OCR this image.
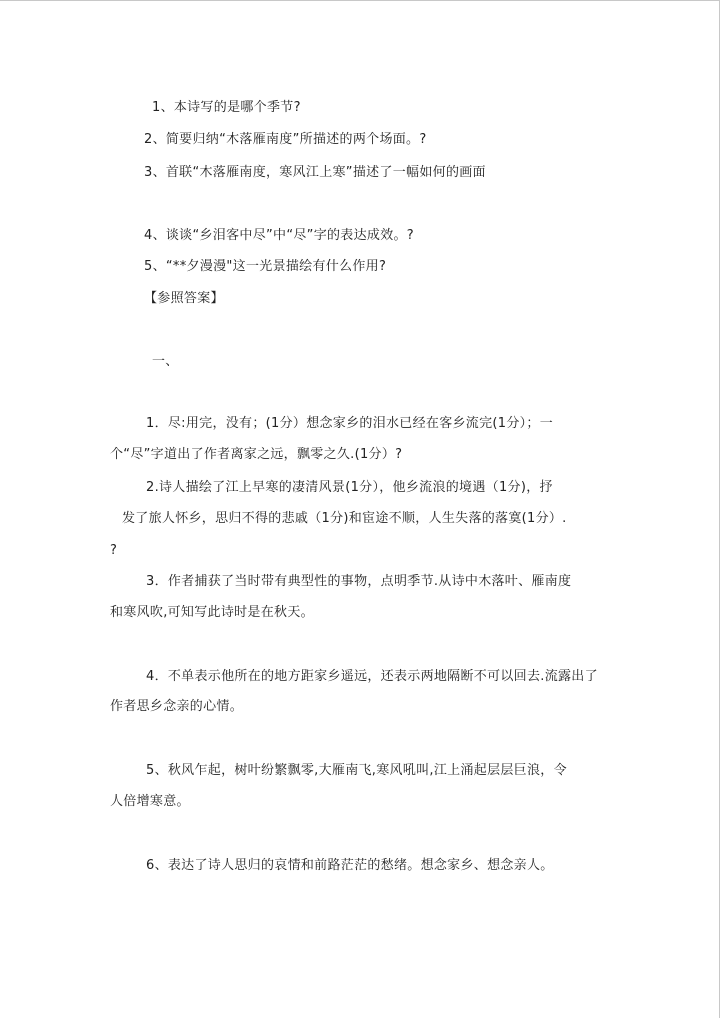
1、本诗写的是哪个季节?
2、简要归纳“木落雁南度”所描述的两个场面。?
3、首联“木落雁南度，寒风江上寒”描述了一幅如何的画面
4、谈谈“乡泪客中尽”中“尽”字的表达成效。?
5、“**夕漫漫"这一光景描绘有什么作用?
【参照答案】
一、
1．尽:用完，没有；(1分）想念家乡的泪水已经在客乡流完(1分）；一
个“尽”字道出了作者离家之远，飘零之久.(1分）?
2.诗人描绘了江上早寒的凄清风景(1分），他乡流浪的境遇（1分)，抒
发了旅人怀乡，思归不得的悲戚（1分)和宦途不顺，人生失落的落寞(1分）.
?
3．作者捕获了当时带有典型性的事物，点明季节.从诗中木落叶、雁南度
和寒风吹,可知写此诗时是在秋天。
4．不单表示他所在的地方距家乡遥远，还表示两地隔断不可以回去.流露出了
作者思乡念亲的心情。
5、秋风乍起，树叶纷繁飘零,大雁南飞,寒风吼叫,江上涌起层层巨浪，令
人倍增寒意。
6、表达了诗人思归的哀情和前路茫茫的愁绪。想念家乡、想念亲人。
